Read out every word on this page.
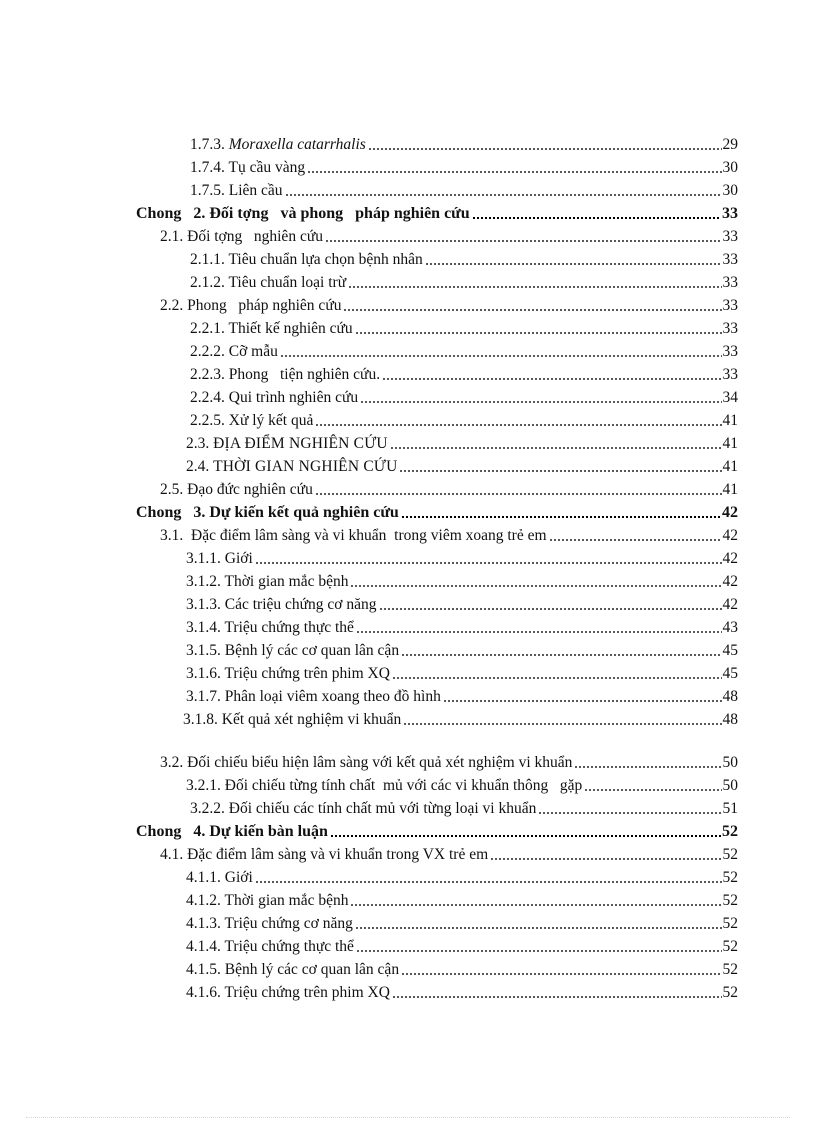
1.7.3. Moraxella catarrhalis	29
1.7.4. Tụ cầu vàng	30
1.7.5. Liên cầu	30
Chong   2. Đối tợng   và phong   pháp nghiên cứu	33
2.1. Đối tợng   nghiên cứu	33
2.1.1. Tiêu chuẩn lựa chọn bệnh nhân	33
2.1.2. Tiêu chuẩn loại trừ	33
2.2. Phong   pháp nghiên cứu	33
2.2.1. Thiết kế nghiên cứu	33
2.2.2. Cỡ mẫu	33
2.2.3. Phong   tiện nghiên cứu.	33
2.2.4. Qui trình nghiên cứu	34
2.2.5. Xử lý kết quả	41
2.3. ĐỊA ĐIỂM NGHIÊN CỨU	41
2.4. THỜI GIAN NGHIÊN CỨU	41
2.5. Đạo đức nghiên cứu	41
Chong   3. Dự kiến kết quả nghiên cứu	42
3.1. Đặc điểm lâm sàng và vi khuẩn  trong viêm xoang trẻ em	42
3.1.1. Giới	42
3.1.2. Thời gian mắc bệnh	42
3.1.3. Các triệu chứng cơ năng	42
3.1.4. Triệu chứng thực thể	43
3.1.5. Bệnh lý các cơ quan lân cận	45
3.1.6. Triệu chứng trên phim XQ	45
3.1.7. Phân loại viêm xoang theo đồ hình	48
3.1.8. Kết quả xét nghiệm vi khuẩn	48
3.2. Đối chiếu biểu hiện lâm sàng với kết quả xét nghiệm vi khuẩn	50
3.2.1. Đối chiếu từng tính chất  mủ với các vi khuẩn thông   gặp	50
3.2.2. Đối chiếu các tính chất mủ với từng loại vi khuẩn	51
Chong   4. Dự kiến bàn luận	52
4.1. Đặc điểm lâm sàng và vi khuẩn trong VX trẻ em	52
4.1.1. Giới	52
4.1.2. Thời gian mắc bệnh	52
4.1.3. Triệu chứng cơ năng	52
4.1.4. Triệu chứng thực thể	52
4.1.5. Bệnh lý các cơ quan lân cận	52
4.1.6. Triệu chứng trên phim XQ	52
